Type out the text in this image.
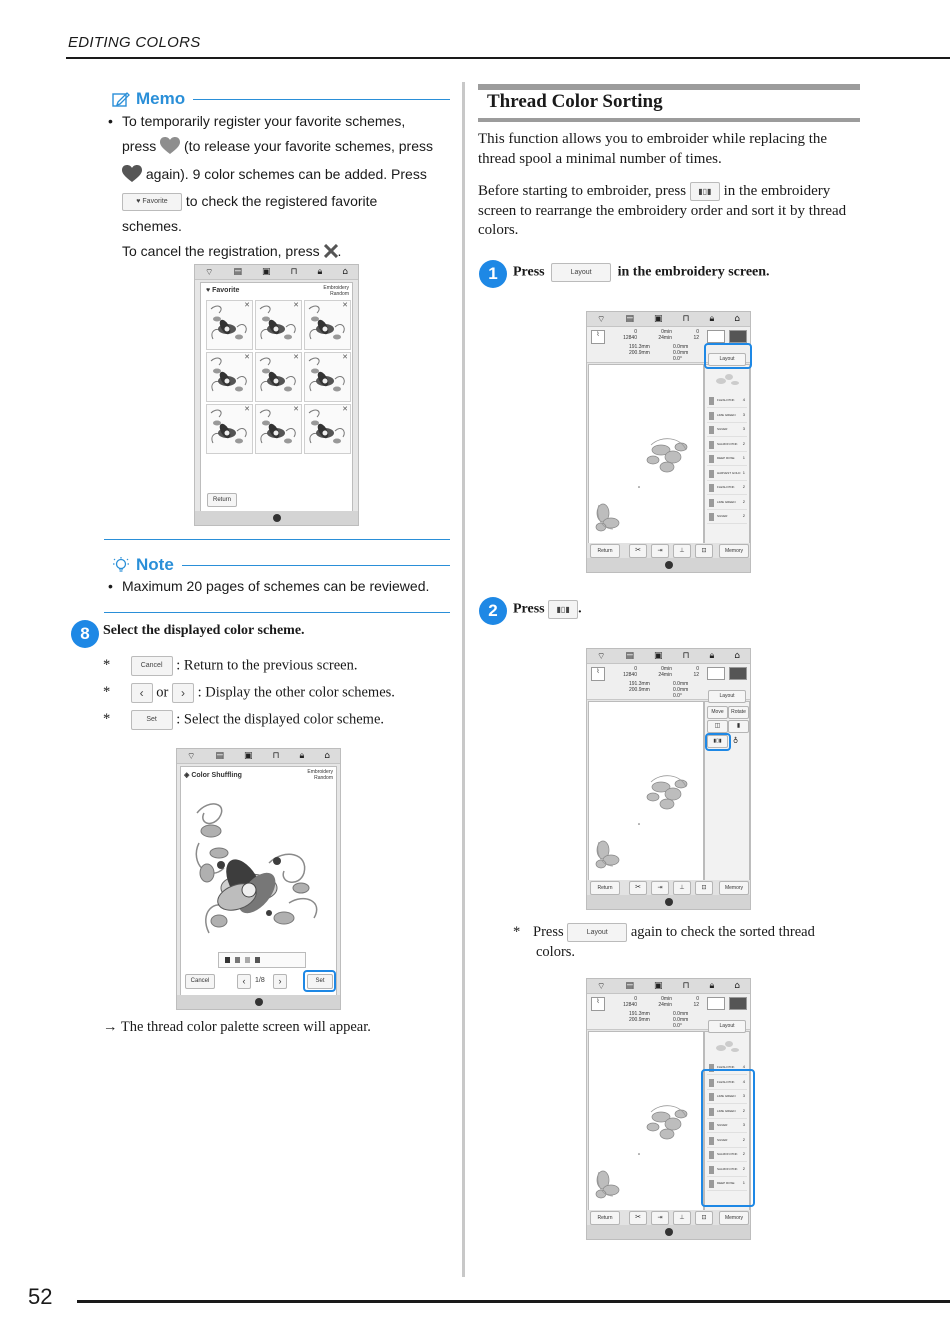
EDITING COLORS
52
Memo
• To temporarily register your favorite schemes,
press (to release your favorite schemes, press
again). 9 color schemes can be added. Press
♥ Favorite to check the registered favorite
schemes.
To cancel the registration, press .
⌔ ▤ ▣ ⊓ 🔒︎ ⌂
♥ Favorite	Embroidery
Random
✕	✕	✕
✕	✕	✕
✕	✕	✕
Return
Note
• Maximum 20 pages of schemes can be reviewed.
8 Select the displayed color scheme.
*	Cancel : Return to the previous screen.
* ‹ or › : Display the other color schemes.
*	Set : Select the displayed color scheme.
⌔ ▤ ▣ ⊓ 🔒︎ ⌂
◈ Color Shuffling	Embroidery
Random
Cancel	‹	1/8	›	Set
→ The thread color palette screen will appear.
Thread Color Sorting
This function allows you to embroider while replacing the thread spool a minimal number of times.
Before starting to embroider, press ▮▯▮ in the embroidery screen to rearrange the embroidery order and sort it by thread colors.
1	Press	Layout in the embroidery screen.
2	Press ▮▯▮ .
* Press	Layout again to check the sorted thread
colors.
⌔ ▤ ▣ ⊓ 🔒︎ ⌂
⌇	0
12840
0min
24min
0
12
191.3mm
200.9mm
0.0mm
0.0mm
0.0°	Layout
FLESH PINK 4
LIME GREEN 3
SILVER	3
SALMON PINK 2
DEEP ROSE 1
HARVEST GOLD 1
FLESH PINK 2
LIME GREEN 2
SILVER	2
Return	✂	⇥	⊥	⊡	Memory
⌔ ▤ ▣ ⊓ 🔒︎ ⌂
⌇	0
12840
0min
24min
0
12
191.3mm
200.9mm
0.0mm
0.0mm
0.0°	Layout
Move	Rotate
◫	▮
▮▯▮	♁
Return	✂	⇥	⊥	⊡	Memory
⌔ ▤ ▣ ⊓ 🔒︎ ⌂
⌇	0
12840
0min
24min
0
12
191.3mm
200.9mm
0.0mm
0.0mm
0.0°	Layout
FLESH PINK 4
FLESH PINK 4
LIME GREEN 3
LIME GREEN 2
SILVER	3
SILVER	2
SALMON PINK 2
SALMON PINK 2
DEEP ROSE 1
Return	✂	⇥	⊥	⊡	Memory
